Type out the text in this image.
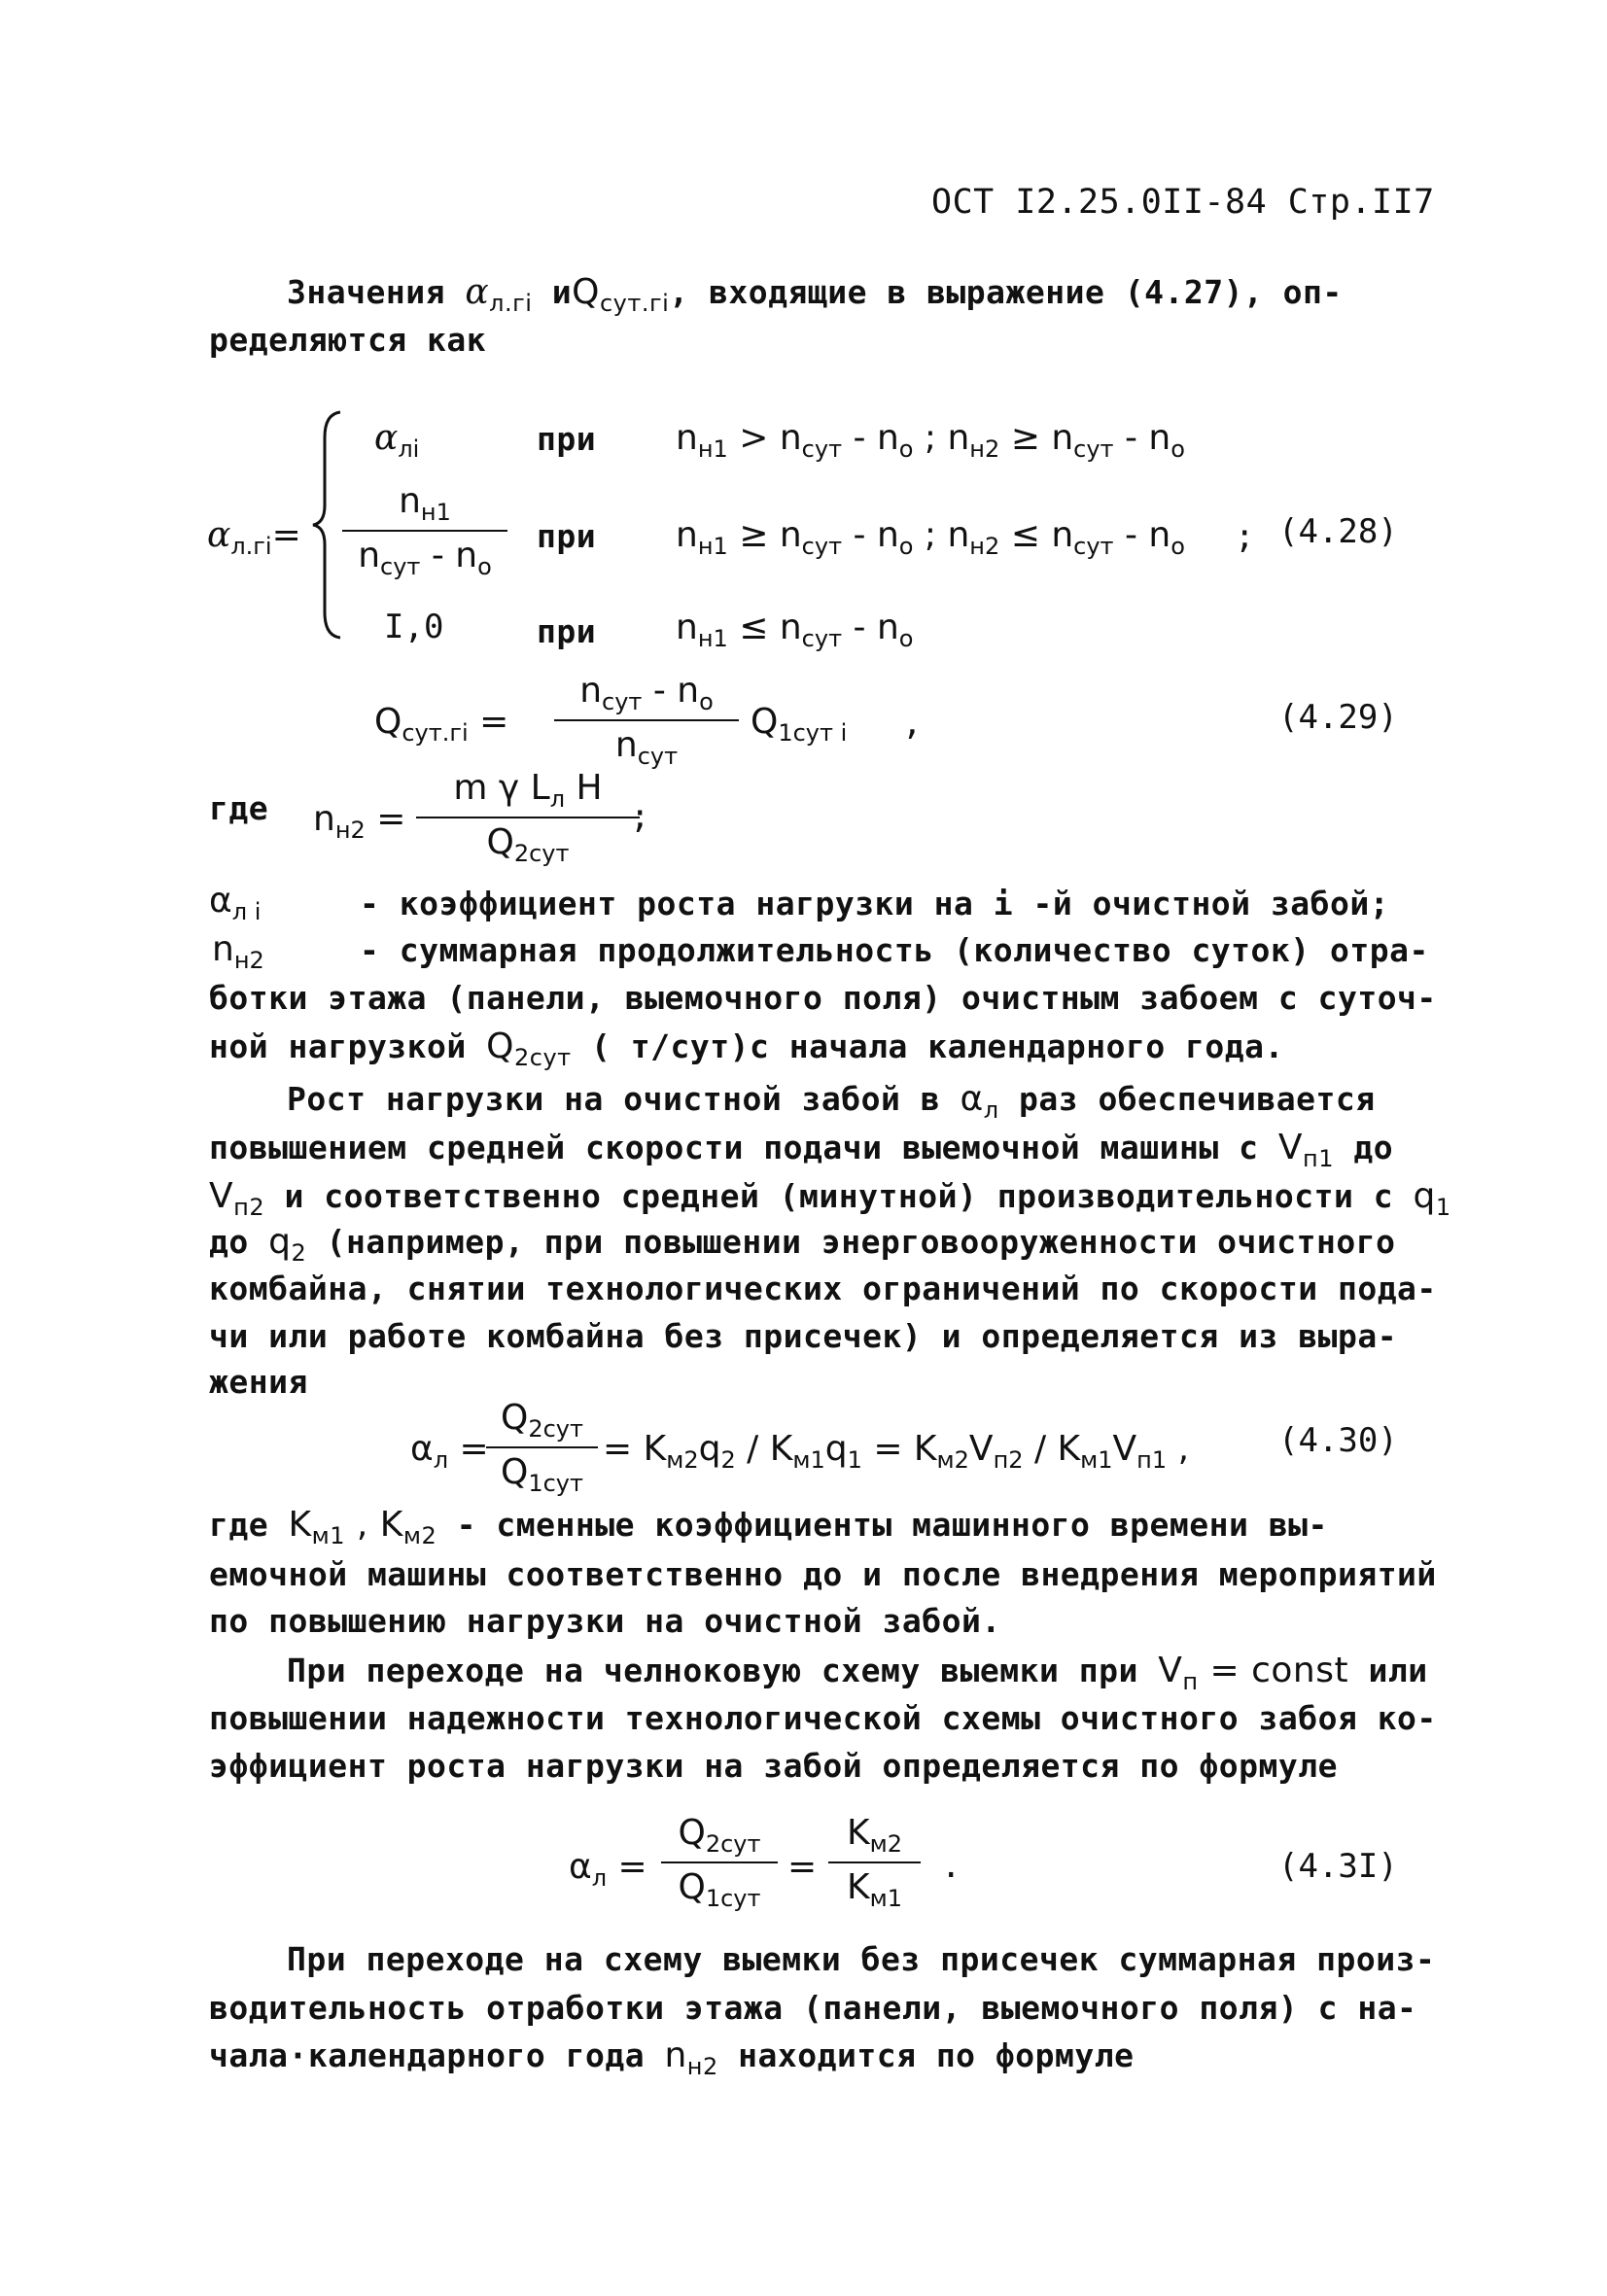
ОСТ I2.25.0II-84 Стр.II7
Значения $\alpha_{л.гi}$ $иQ_{сут.гi}$, входящие в выражение (4.27), оп-
ределяются как
$\alpha_{л.гi}=$
$\alpha_{лi}$	при $n_{н1} > n_{сут} - n_о$ ; $n_{н2} \ge n_{сут} - n_о$
$n_{н1}$
$n_{сут} - n_о$
при $n_{н1} \ge n_{сут} - n_о$ ; $n_{н2} \le n_{сут} - n_о$ ; (4.28)
I,0	при $n_{н1} \le n_{сут} - n_о$
$Q_{сут.гi}$ =
$n_{сут} - n_о$
$n_{сут}$
$Q_{1сут i}$ ,	(4.29)
где $n_{н2}$ =
m γ $L_л$ H
$Q_{2сут}$
;
$\alpha_{л i}$	- коэффициент роста нагрузки на i -й очистной забой;
$n_{н2}$	- суммарная продолжительность (количество суток) отра-
ботки этажа (панели, выемочного поля) очистным забоем с суточ-
ной нагрузкой $Q_{2сут}$ ( т/сут)с начала календарного года.
Рост нагрузки на очистной забой в $\alpha_л$ раз обеспечивается
повышением средней скорости подачи выемочной машины с $V_{п1}$ до
$V_{п2}$ и соответственно средней (минутной) производительности с $q_1$
до $q_2$ (например, при повышении энерговооруженности очистного
комбайна, снятии технологических ограничений по скорости пода-
чи или работе комбайна без присечек) и определяется из выра-
жения
$\alpha_л$ =
$Q_{2сут}$
$Q_{1сут}$
= $K_{м2}q_2 / K_{м1}q_1 = K_{м2}V_{п2} / K_{м1}V_{п1}$ ,	(4.30)
где $K_{м1}$ , $K_{м2}$ - сменные коэффициенты машинного времени вы-
емочной машины соответственно до и после внедрения мероприятий
по повышению нагрузки на очистной забой.
При переходе на челноковую схему выемки при $V_п$ = const или
повышении надежности технологической схемы очистного забоя ко-
эффициент роста нагрузки на забой определяется по формуле
$\alpha_л$ =
$Q_{2сут}$
$Q_{1сут}$
=
$K_{м2}$
$K_{м1}$
.	(4.3I)
При переходе на схему выемки без присечек суммарная произ-
водительность отработки этажа (панели, выемочного поля) с на-
чала·календарного года $n_{н2}$ находится по формуле
